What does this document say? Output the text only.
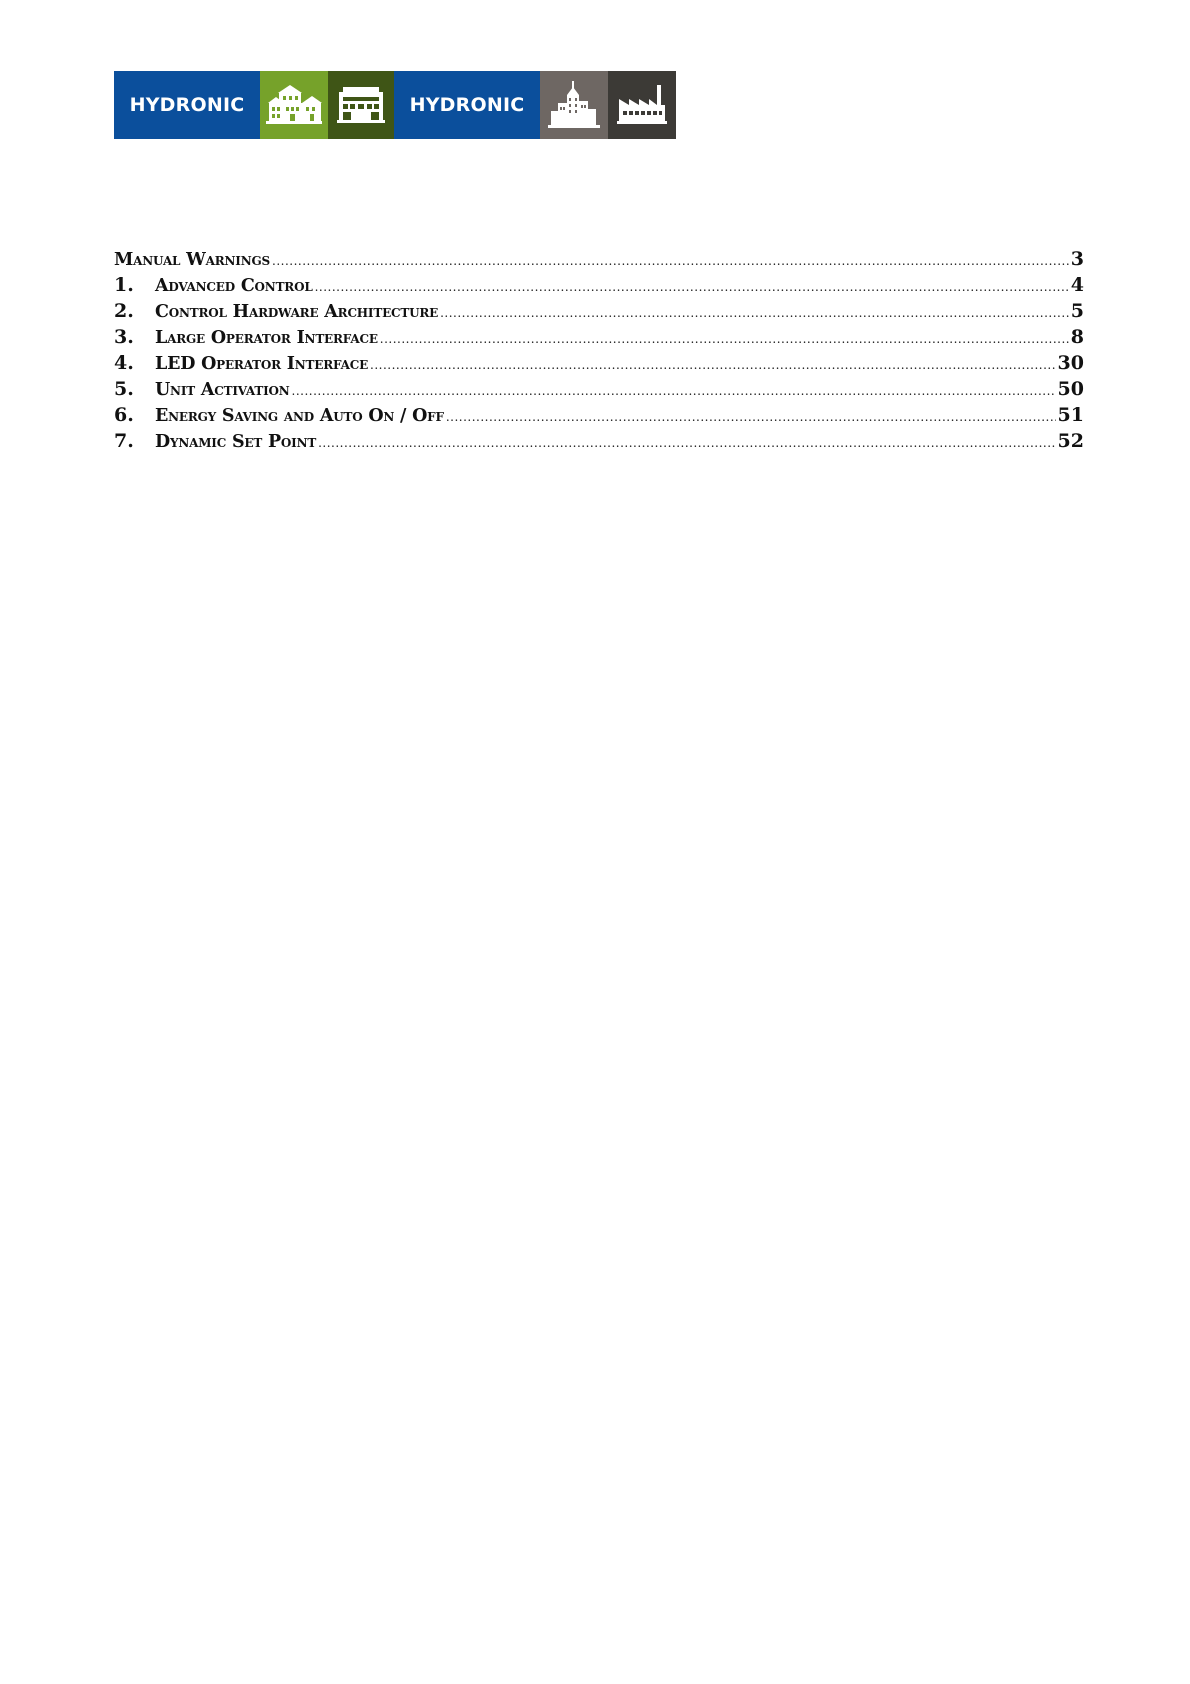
HYDRONIC	HYDRONIC
Manual Warnings .....	3
1.	Advanced Control .....	4
2.	Control Hardware Architecture .....	5
3.	Large Operator Interface .....	8
4.	LED Operator Interface .....	30
5.	Unit Activation .....	50
6.	Energy Saving and Auto On / Off .....	51
7.	Dynamic Set Point .....	52
